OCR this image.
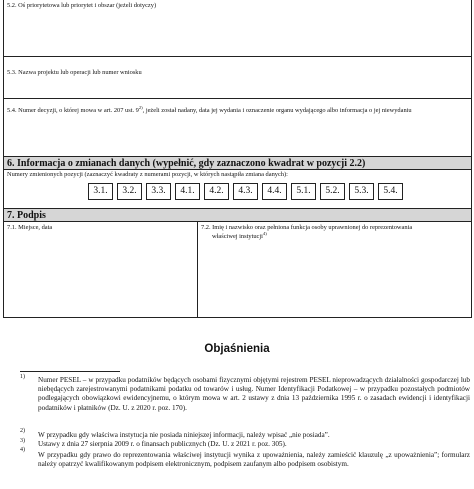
5.2. Oś priorytetowa lub priorytet i obszar (jeżeli dotyczy)
5.3. Nazwa projektu lub operacji lub numer wniosku
5.4. Numer decyzji, o której mowa w art. 207 ust. 9$^{2)}$, jeżeli został nadany, data jej wydania i oznaczenie organu wydającego albo informacja o jej niewydaniu
6. Informacja o zmianach danych (wypełnić, gdy zaznaczono kwadrat w pozycji 2.2)
Numery zmienionych pozycji (zaznaczyć kwadraty z numerami pozycji, w których nastąpiła zmiana danych):
3.1.	3.2.	3.3.	4.1.	4.2.	4.3.	4.4.	5.1.	5.2.	5.3.	5.4.
7. Podpis
7.1. Miejsce, data	7.2. Imię i nazwisko oraz pełniona funkcja osoby uprawnionej do reprezentowania
właściwej instytucji$^{4)}$
Objaśnienia
1) Numer PESEL – w przypadku podatników będących osobami fizycznymi objętymi rejestrem PESEL nieprowadzących działalności gospodarczej lub niebędących zarejestrowanymi podatnikami podatku od towarów i usług. Numer Identyfikacji Podatkowej – w przypadku pozostałych podmiotów podlegających obowiązkowi ewidencyjnemu, o którym mowa w art. 2 ustawy z dnia 13 października 1995 r. o zasadach ewidencji i identyfikacji podatników i płatników (Dz. U. z 2020 r. poz. 170).
2) W przypadku gdy właściwa instytucja nie posiada niniejszej informacji, należy wpisać „nie posiada”.
3) Ustawy z dnia 27 sierpnia 2009 r. o finansach publicznych (Dz. U. z 2021 r. poz. 305).
4)
W przypadku gdy prawo do reprezentowania właściwej instytucji wynika z upoważnienia, należy zamieścić klauzulę „z upoważnienia”; formularz należy opatrzyć kwalifikowanym podpisem elektronicznym, podpisem zaufanym albo podpisem osobistym.
